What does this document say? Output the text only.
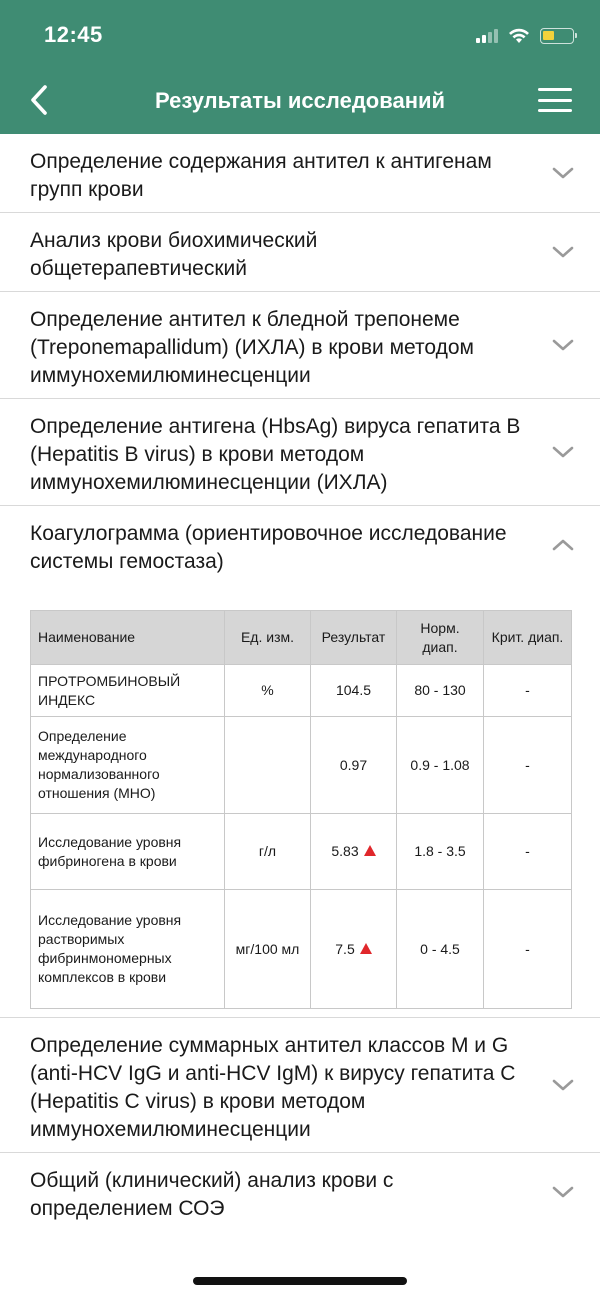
12:45
Результаты исследований
Определение содержания антител к антигенам групп крови
Анализ крови биохимический общетерапевтический
Определение антител к бледной трепонеме (Treponemapallidum) (ИХЛА) в крови методом иммунохемилюминесценции
Определение антигена (HbsAg) вируса гепатита В (Hepatitis B virus) в крови методом иммунохемилюминесценции (ИХЛА)
Коагулограмма (ориентировочное исследование системы гемостаза)
Наименование	Ед. изм.	Результат	Норм. диап.	Крит. диап.
ПРОТРОМБИНОВЫЙ ИНДЕКС	%	104.5	80 - 130	-
Определение международного нормализованного отношения (МНО)		0.97	0.9 - 1.08	-
Исследование уровня фибриногена в крови	г/л	5.83	1.8 - 3.5	-
Исследование уровня растворимых фибринмономерных комплексов в крови	мг/100 мл	7.5	0 - 4.5	-
Определение суммарных антител классов М и G (anti-HCV IgG и anti-HCV IgM) к вирусу гепатита С (Hepatitis C virus) в крови методом иммунохемилюминесценции
Общий (клинический) анализ крови с определением СОЭ
